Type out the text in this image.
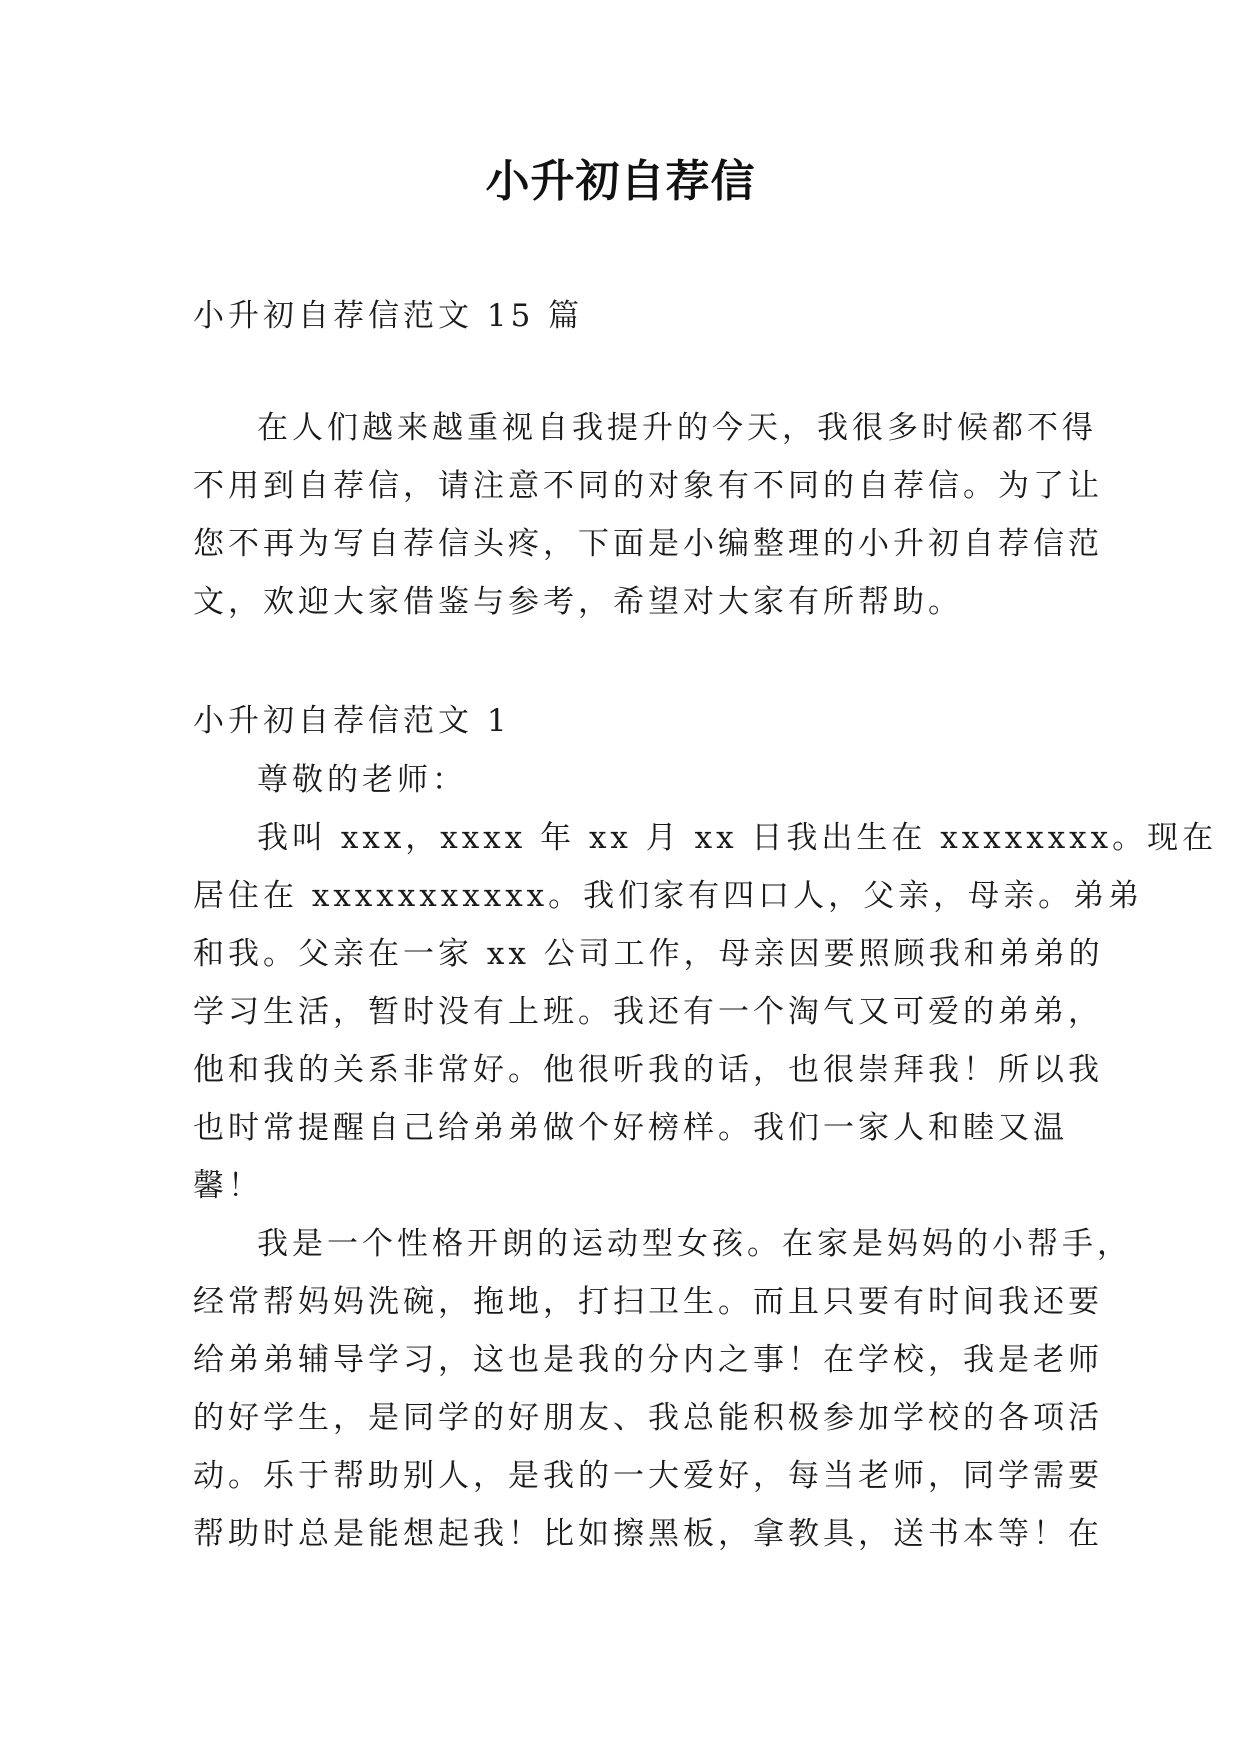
小升初自荐信
小升初自荐信范文 15 篇
在人们越来越重视自我提升的今天，我很多时候都不得
不用到自荐信，请注意不同的对象有不同的自荐信。为了让
您不再为写自荐信头疼，下面是小编整理的小升初自荐信范
文，欢迎大家借鉴与参考，希望对大家有所帮助。
小升初自荐信范文 1
尊敬的老师：
我叫 xxx，xxxx 年 xx 月 xx 日我出生在 xxxxxxxx。现在
居住在 xxxxxxxxxxx。我们家有四口人，父亲，母亲。弟弟
和我。父亲在一家 xx 公司工作，母亲因要照顾我和弟弟的
学习生活，暂时没有上班。我还有一个淘气又可爱的弟弟，
他和我的关系非常好。他很听我的话，也很崇拜我！所以我
也时常提醒自己给弟弟做个好榜样。我们一家人和睦又温
馨！
我是一个性格开朗的运动型女孩。在家是妈妈的小帮手，
经常帮妈妈洗碗，拖地，打扫卫生。而且只要有时间我还要
给弟弟辅导学习，这也是我的分内之事！在学校，我是老师
的好学生，是同学的好朋友、我总能积极参加学校的各项活
动。乐于帮助别人，是我的一大爱好，每当老师，同学需要
帮助时总是能想起我！比如擦黑板，拿教具，送书本等！在
